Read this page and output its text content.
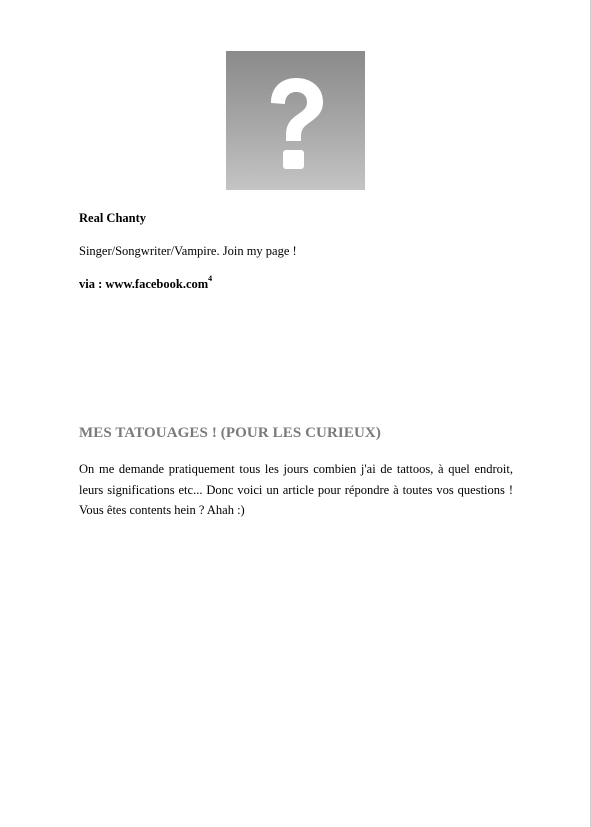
Real Chanty

Singer/Songwriter/Vampire. Join my page !

via : www.facebook.com$^4$

MES TATOUAGES ! (POUR LES CURIEUX)

On me demande pratiquement tous les jours combien j'ai de tattoos, à quel endroit, leurs significations etc... Donc voici un article pour répondre à toutes vos questions ! Vous êtes contents hein ? Ahah :)
